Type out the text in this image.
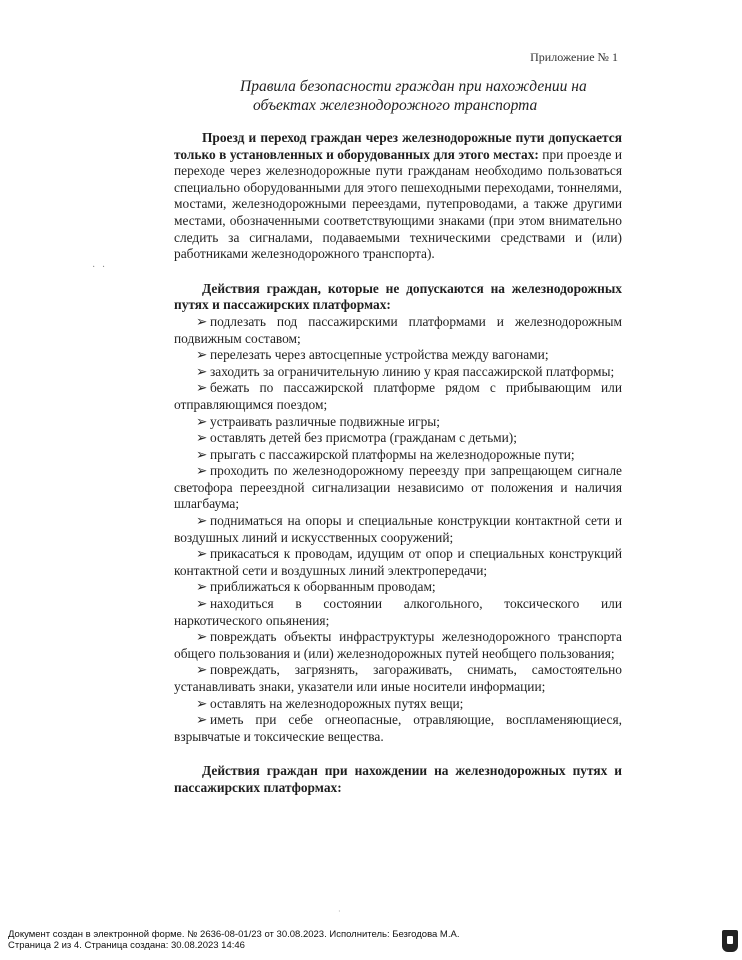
Приложение № 1
Правила безопасности граждан при нахождении на
объектах железнодорожного транспорта
· ·

Проезд и переход граждан через железнодорожные пути допускается только в установленных и оборудованных для этого местах: при проезде и переходе через железнодорожные пути гражданам необходимо пользоваться специально оборудованными для этого пешеходными переходами, тоннелями, мостами, железнодорожными переездами, путепроводами, а также другими местами, обозначенными соответствующими знаками (при этом внимательно следить за сигналами, подаваемыми техническими средствами и (или) работниками железнодорожного транспорта).

Действия граждан, которые не допускаются на железнодорожных путях и пассажирских платформах:

➢ подлезать под пассажирскими платформами и железнодорожным подвижным составом;
➢ перелезать через автосцепные устройства между вагонами;
➢ заходить за ограничительную линию у края пассажирской платформы;
➢ бежать по пассажирской платформе рядом с прибывающим или отправляющимся поездом;
➢ устраивать различные подвижные игры;
➢ оставлять детей без присмотра (гражданам с детьми);
➢ прыгать с пассажирской платформы на железнодорожные пути;
➢ проходить по железнодорожному переезду при запрещающем сигнале светофора переездной сигнализации независимо от положения и наличия шлагбаума;
➢ подниматься на опоры и специальные конструкции контактной сети и воздушных линий и искусственных сооружений;
➢ прикасаться к проводам, идущим от опор и специальных конструкций контактной сети и воздушных линий электропередачи;
➢ приближаться к оборванным проводам;
➢ находиться в состоянии алкогольного, токсического или наркотического опьянения;
➢ повреждать объекты инфраструктуры железнодорожного транспорта общего пользования и (или) железнодорожных путей необщего пользования;
➢ повреждать, загрязнять, загораживать, снимать, самостоятельно устанавливать знаки, указатели или иные носители информации;
➢ оставлять на железнодорожных путях вещи;
➢ иметь при себе огнеопасные, отравляющие, воспламеняющиеся, взрывчатые и токсические вещества.

Действия граждан при нахождении на железнодорожных путях и пассажирских платформах:

·
Документ создан в электронной форме. № 2636-08-01/23 от 30.08.2023. Исполнитель: Безгодова М.А.
Страница 2 из 4. Страница создана: 30.08.2023 14:46
